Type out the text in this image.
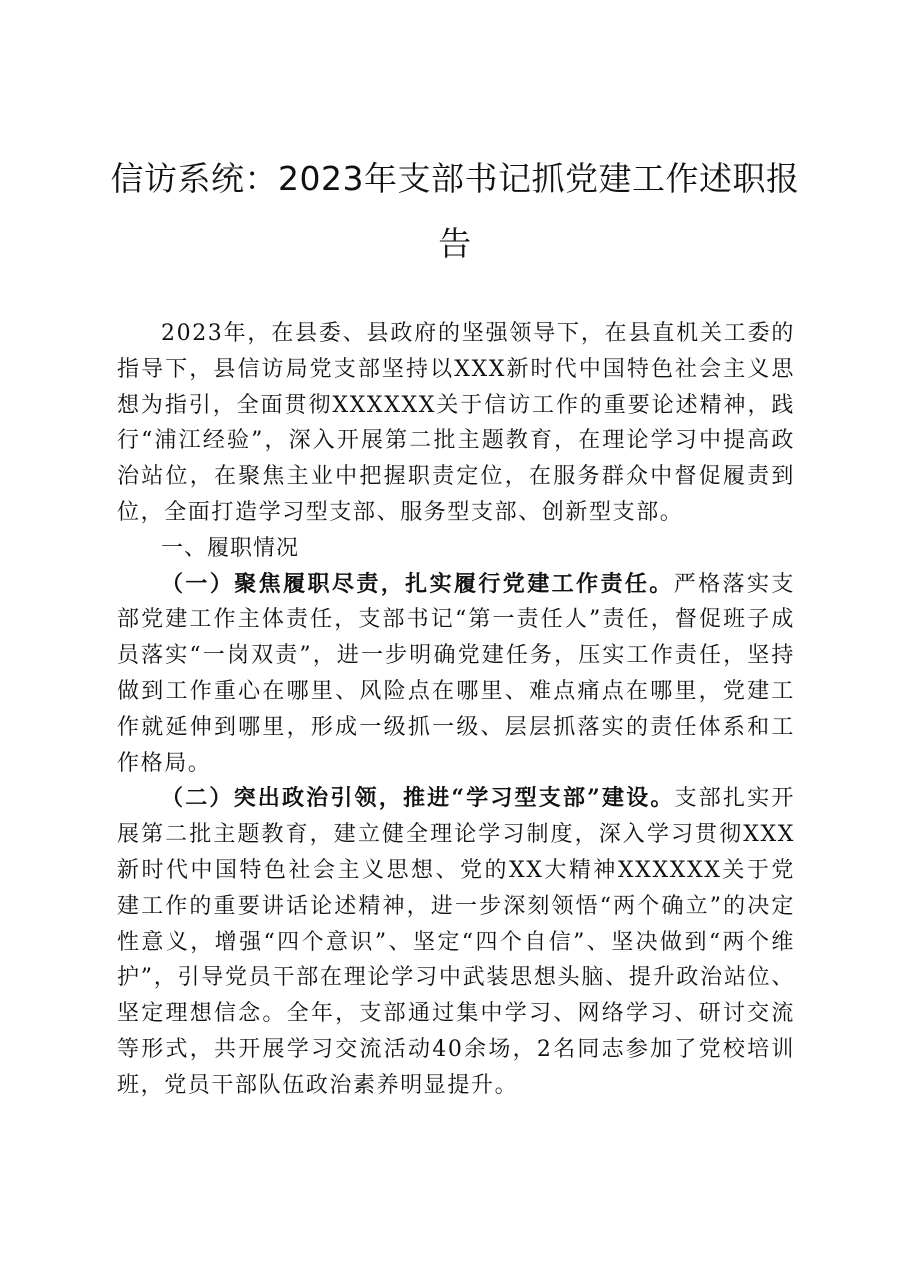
信访系统：2023年支部书记抓党建工作述职报告

2023年，在县委、县政府的坚强领导下，在县直机关工委的指导下，县信访局党支部坚持以XXX新时代中国特色社会主义思想为指引，全面贯彻XXXXXX关于信访工作的重要论述精神，践行“浦江经验”，深入开展第二批主题教育，在理论学习中提高政治站位，在聚焦主业中把握职责定位，在服务群众中督促履责到位，全面打造学习型支部、服务型支部、创新型支部。

一、履职情况

（一）聚焦履职尽责，扎实履行党建工作责任。严格落实支部党建工作主体责任，支部书记“第一责任人”责任，督促班子成员落实“一岗双责”，进一步明确党建任务，压实工作责任，坚持做到工作重心在哪里、风险点在哪里、难点痛点在哪里，党建工作就延伸到哪里，形成一级抓一级、层层抓落实的责任体系和工作格局。

（二）突出政治引领，推进“学习型支部”建设。支部扎实开展第二批主题教育，建立健全理论学习制度，深入学习贯彻XXX新时代中国特色社会主义思想、党的XX大精神XXXXXX关于党建工作的重要讲话论述精神，进一步深刻领悟“两个确立”的决定性意义，增强“四个意识”、坚定“四个自信”、坚决做到“两个维护”，引导党员干部在理论学习中武装思想头脑、提升政治站位、坚定理想信念。全年，支部通过集中学习、网络学习、研讨交流等形式，共开展学习交流活动40余场，2名同志参加了党校培训班，党员干部队伍政治素养明显提升。
